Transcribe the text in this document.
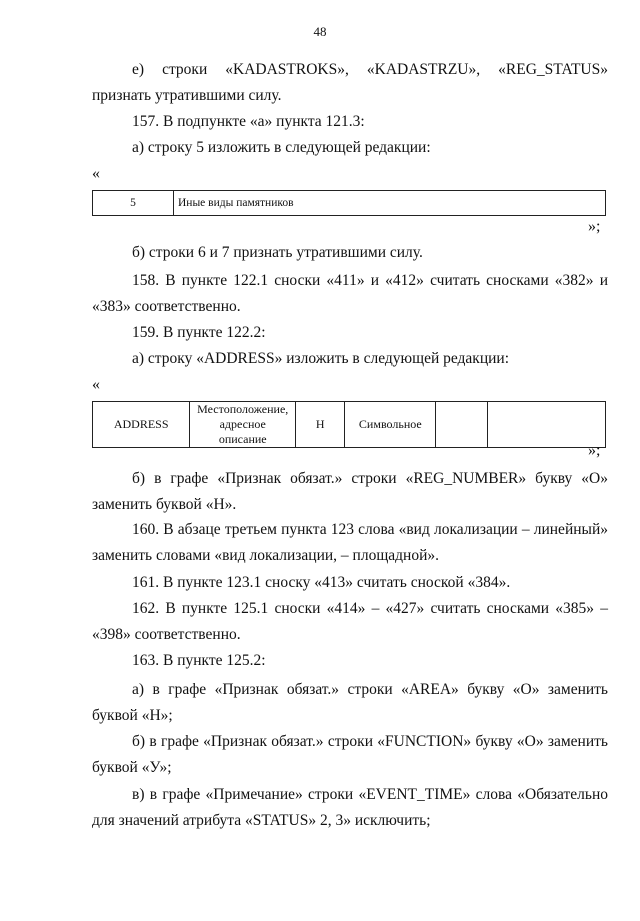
48
е) строки «KADASTROKS», «KADASTRZU», «REG_STATUS» признать утратившими силу.
157. В подпункте «а» пункта 121.3:
а) строку 5 изложить в следующей редакции:
«
5	Иные виды памятников
»;
б) строки 6 и 7 признать утратившими силу.
158. В пункте 122.1 сноски «411» и «412» считать сносками «382» и «383» соответственно.
159. В пункте 122.2:
а) строку «ADDRESS» изложить в следующей редакции:
«
ADDRESS	Местоположение, адресное описание	Н	Символьное		
»;
б) в графе «Признак обязат.» строки «REG_NUMBER» букву «О» заменить буквой «Н».
160. В абзаце третьем пункта 123 слова «вид локализации – линейный» заменить словами «вид локализации, – площадной».
161. В пункте 123.1 сноску «413» считать сноской «384».
162. В пункте 125.1 сноски «414» – «427» считать сносками «385» – «398» соответственно.
163. В пункте 125.2:
а) в графе «Признак обязат.» строки «AREA» букву «О» заменить буквой «Н»;
б) в графе «Признак обязат.» строки «FUNCTION» букву «О» заменить буквой «У»;
в) в графе «Примечание» строки «EVENT_TIME» слова «Обязательно для значений атрибута «STATUS» 2, 3» исключить;
